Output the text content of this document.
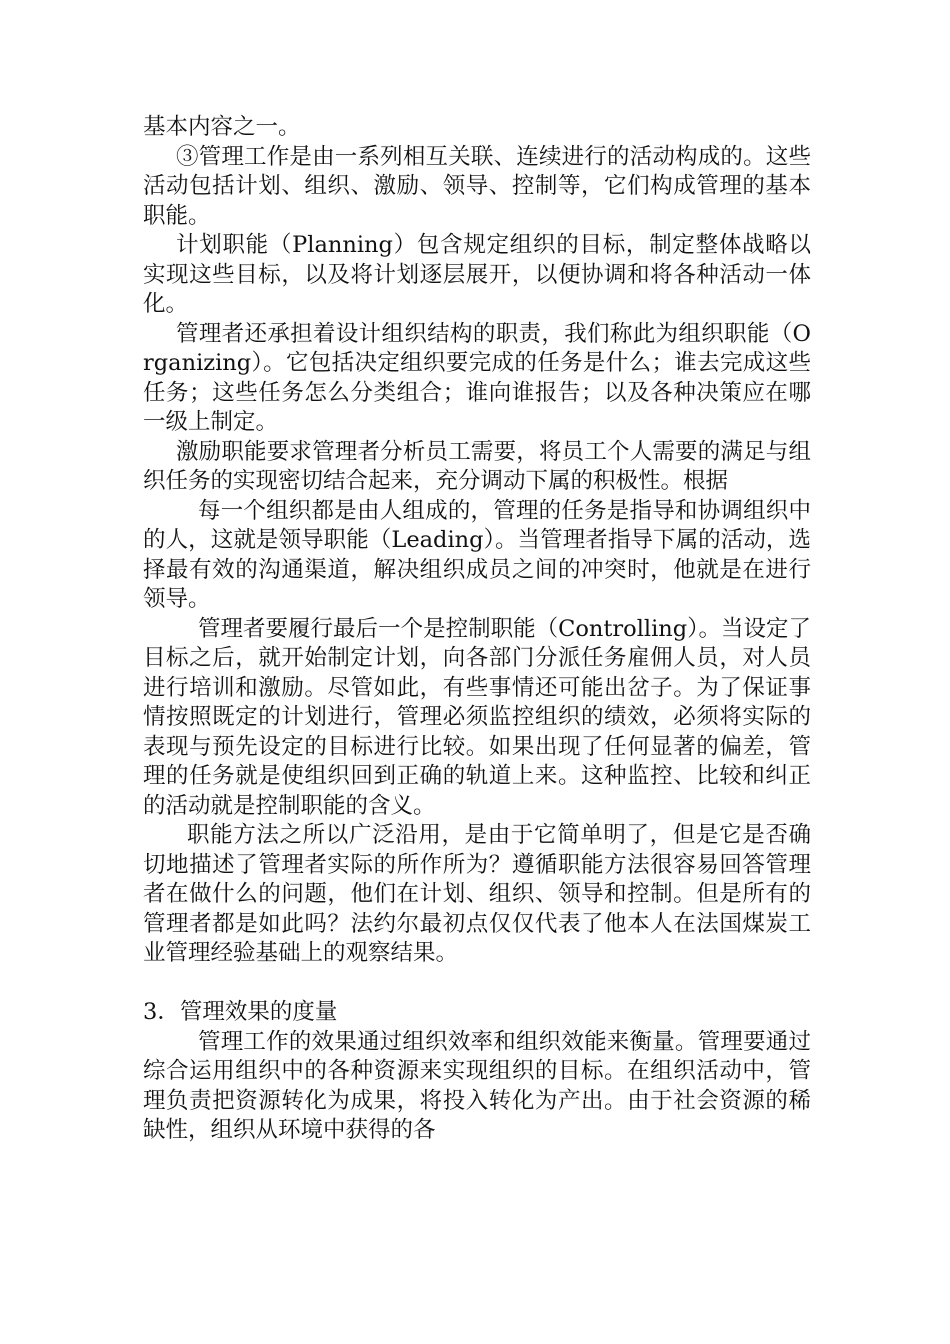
基本内容之一。

③管理工作是由一系列相互关联、连续进行的活动构成的。这些活动包括计划、组织、激励、领导、控制等，它们构成管理的基本职能。

计划职能（Planning）包含规定组织的目标，制定整体战略以实现这些目标，以及将计划逐层展开，以便协调和将各种活动一体化。

管理者还承担着设计组织结构的职责，我们称此为组织职能（Organizing）。它包括决定组织要完成的任务是什么；谁去完成这些任务；这些任务怎么分类组合；谁向谁报告；以及各种决策应在哪一级上制定。

激励职能要求管理者分析员工需要，将员工个人需要的满足与组织任务的实现密切结合起来，充分调动下属的积极性。根据

每一个组织都是由人组成的，管理的任务是指导和协调组织中的人，这就是领导职能（Leading）。当管理者指导下属的活动，选择最有效的沟通渠道，解决组织成员之间的冲突时，他就是在进行领导。

管理者要履行最后一个是控制职能（Controlling）。当设定了目标之后，就开始制定计划，向各部门分派任务雇佣人员，对人员进行培训和激励。尽管如此，有些事情还可能出岔子。为了保证事情按照既定的计划进行，管理必须监控组织的绩效，必须将实际的表现与预先设定的目标进行比较。如果出现了任何显著的偏差，管理的任务就是使组织回到正确的轨道上来。这种监控、比较和纠正的活动就是控制职能的含义。

职能方法之所以广泛沿用，是由于它简单明了，但是它是否确切地描述了管理者实际的所作所为？遵循职能方法很容易回答管理者在做什么的问题，他们在计划、组织、领导和控制。但是所有的管理者都是如此吗？法约尔最初点仅仅代表了他本人在法国煤炭工业管理经验基础上的观察结果。

3．管理效果的度量

管理工作的效果通过组织效率和组织效能来衡量。管理要通过综合运用组织中的各种资源来实现组织的目标。在组织活动中，管理负责把资源转化为成果，将投入转化为产出。由于社会资源的稀缺性，组织从环境中获得的各
